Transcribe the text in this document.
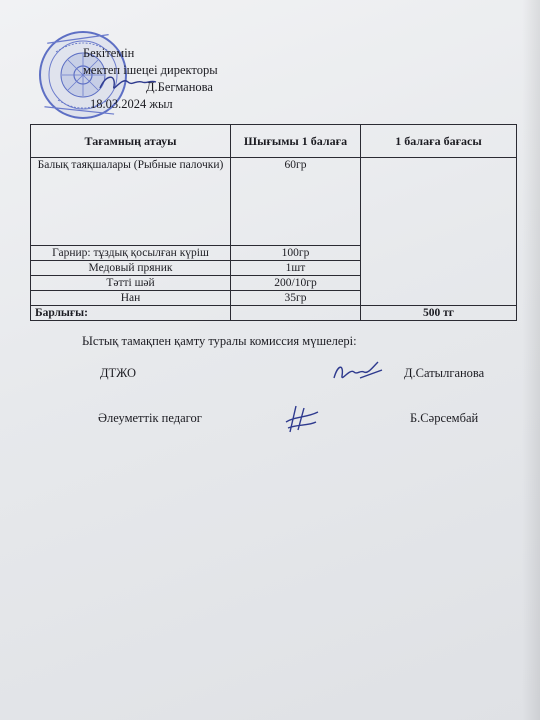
Бекітемін
мектеп ішецеі директоры
Д.Бегманова
18.03.2024 жыл
Тағамның атауы	Шығымы 1 балаға	1 балаға бағасы
Балық таяқшалары (Рыбные палочки)	60гр	
Гарнир: тұздық қосылған күріш	100гр	
Медовый пряник	1шт	
Тәтті шәй	200/10гр	
Нан	35гр	
Барлығы:		500 тг
Ыстық тамақпен қамту туралы комиссия мүшелері:
ДТЖО	Д.Сатылганова
Әлеуметтік педагог	Б.Сәрсембай
